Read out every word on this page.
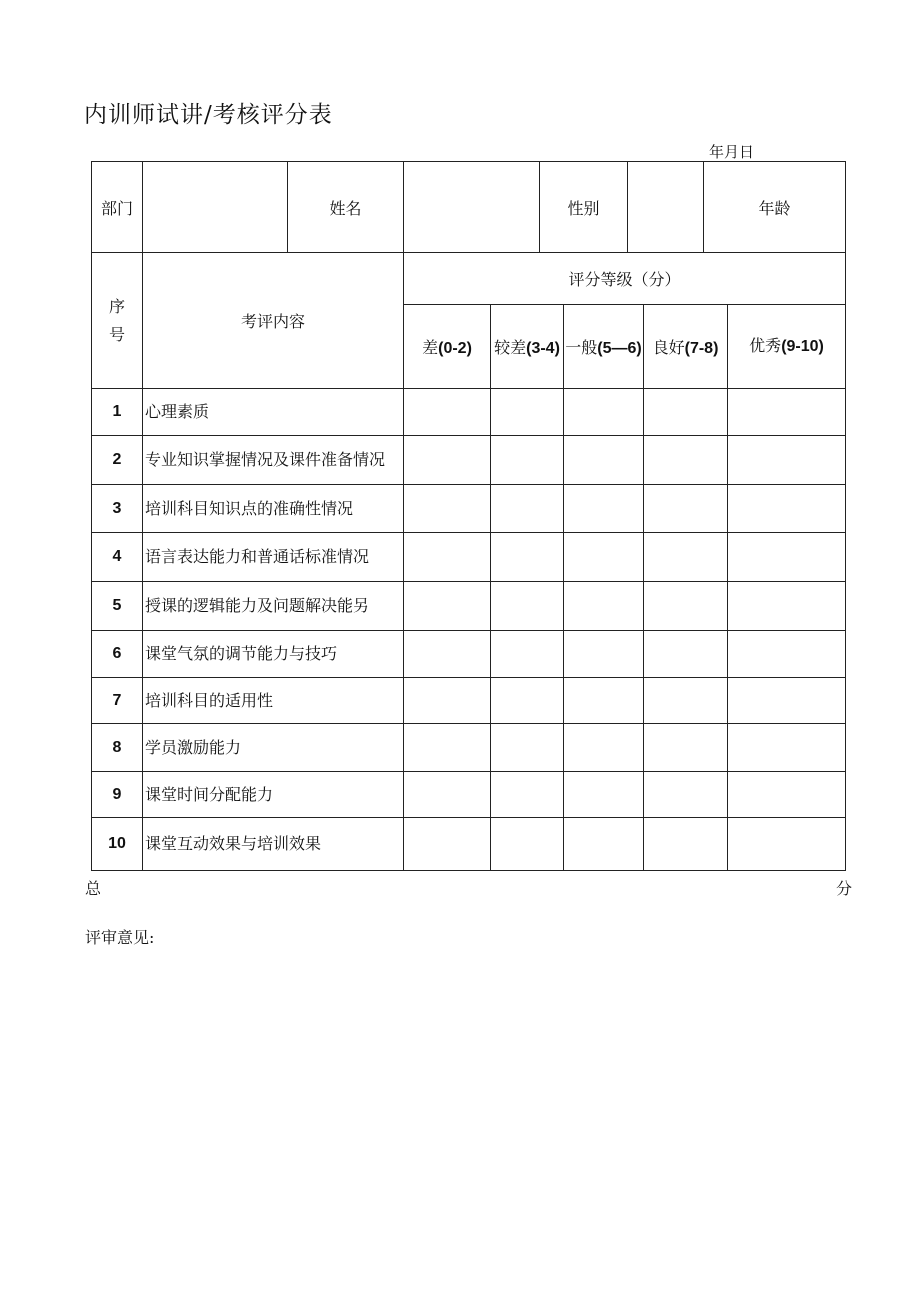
内训师试讲/考核评分表
年月日
部门		姓名			性别				年龄	

序
号	考评内容		评分等级（分）							
			差(0-2)	较差(3-4)		一般(5—6)		良好(7-8)		优秀(9-10)
1	心理素质									
2	专业知识掌握情况及课件准备情况									
3	培训科目知识点的准确性情况									
4	语言表达能力和普通话标准情况									
5	授课的逻辑能力及问题解决能另									
6	课堂气氛的调节能力与技巧									
7	培训科目的适用性									
8	学员激励能力									
9	课堂时间分配能力									
10	课堂互动效果与培训效果									
总	分
评审意见:
